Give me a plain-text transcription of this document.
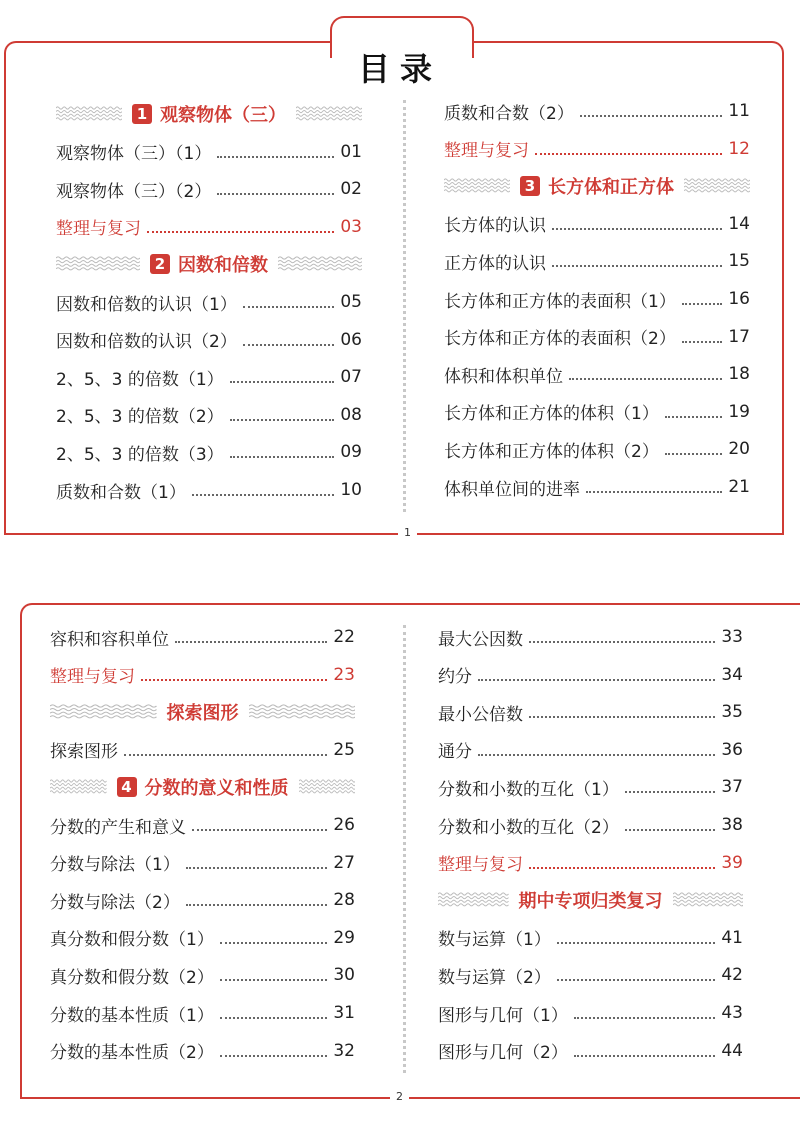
目录
1
1 观察物体（三）
观察物体（三）（1）	01
观察物体（三）（2）	02
整理与复习	03
2 因数和倍数
因数和倍数的认识（1）	05
因数和倍数的认识（2）	06
2、5、3 的倍数（1）	07
2、5、3 的倍数（2）	08
2、5、3 的倍数（3）	09
质数和合数（1）	10
质数和合数（2）	11
整理与复习	12
3 长方体和正方体
长方体的认识	14
正方体的认识	15
长方体和正方体的表面积（1）	16
长方体和正方体的表面积（2）	17
体积和体积单位	18
长方体和正方体的体积（1）	19
长方体和正方体的体积（2）	20
体积单位间的进率	21
2
容积和容积单位	22
整理与复习	23
探索图形
探索图形	25
4 分数的意义和性质
分数的产生和意义	26
分数与除法（1）	27
分数与除法（2）	28
真分数和假分数（1）	29
真分数和假分数（2）	30
分数的基本性质（1）	31
分数的基本性质（2）	32
最大公因数	33
约分	34
最小公倍数	35
通分	36
分数和小数的互化（1）	37
分数和小数的互化（2）	38
整理与复习	39
期中专项归类复习
数与运算（1）	41
数与运算（2）	42
图形与几何（1）	43
图形与几何（2）	44
